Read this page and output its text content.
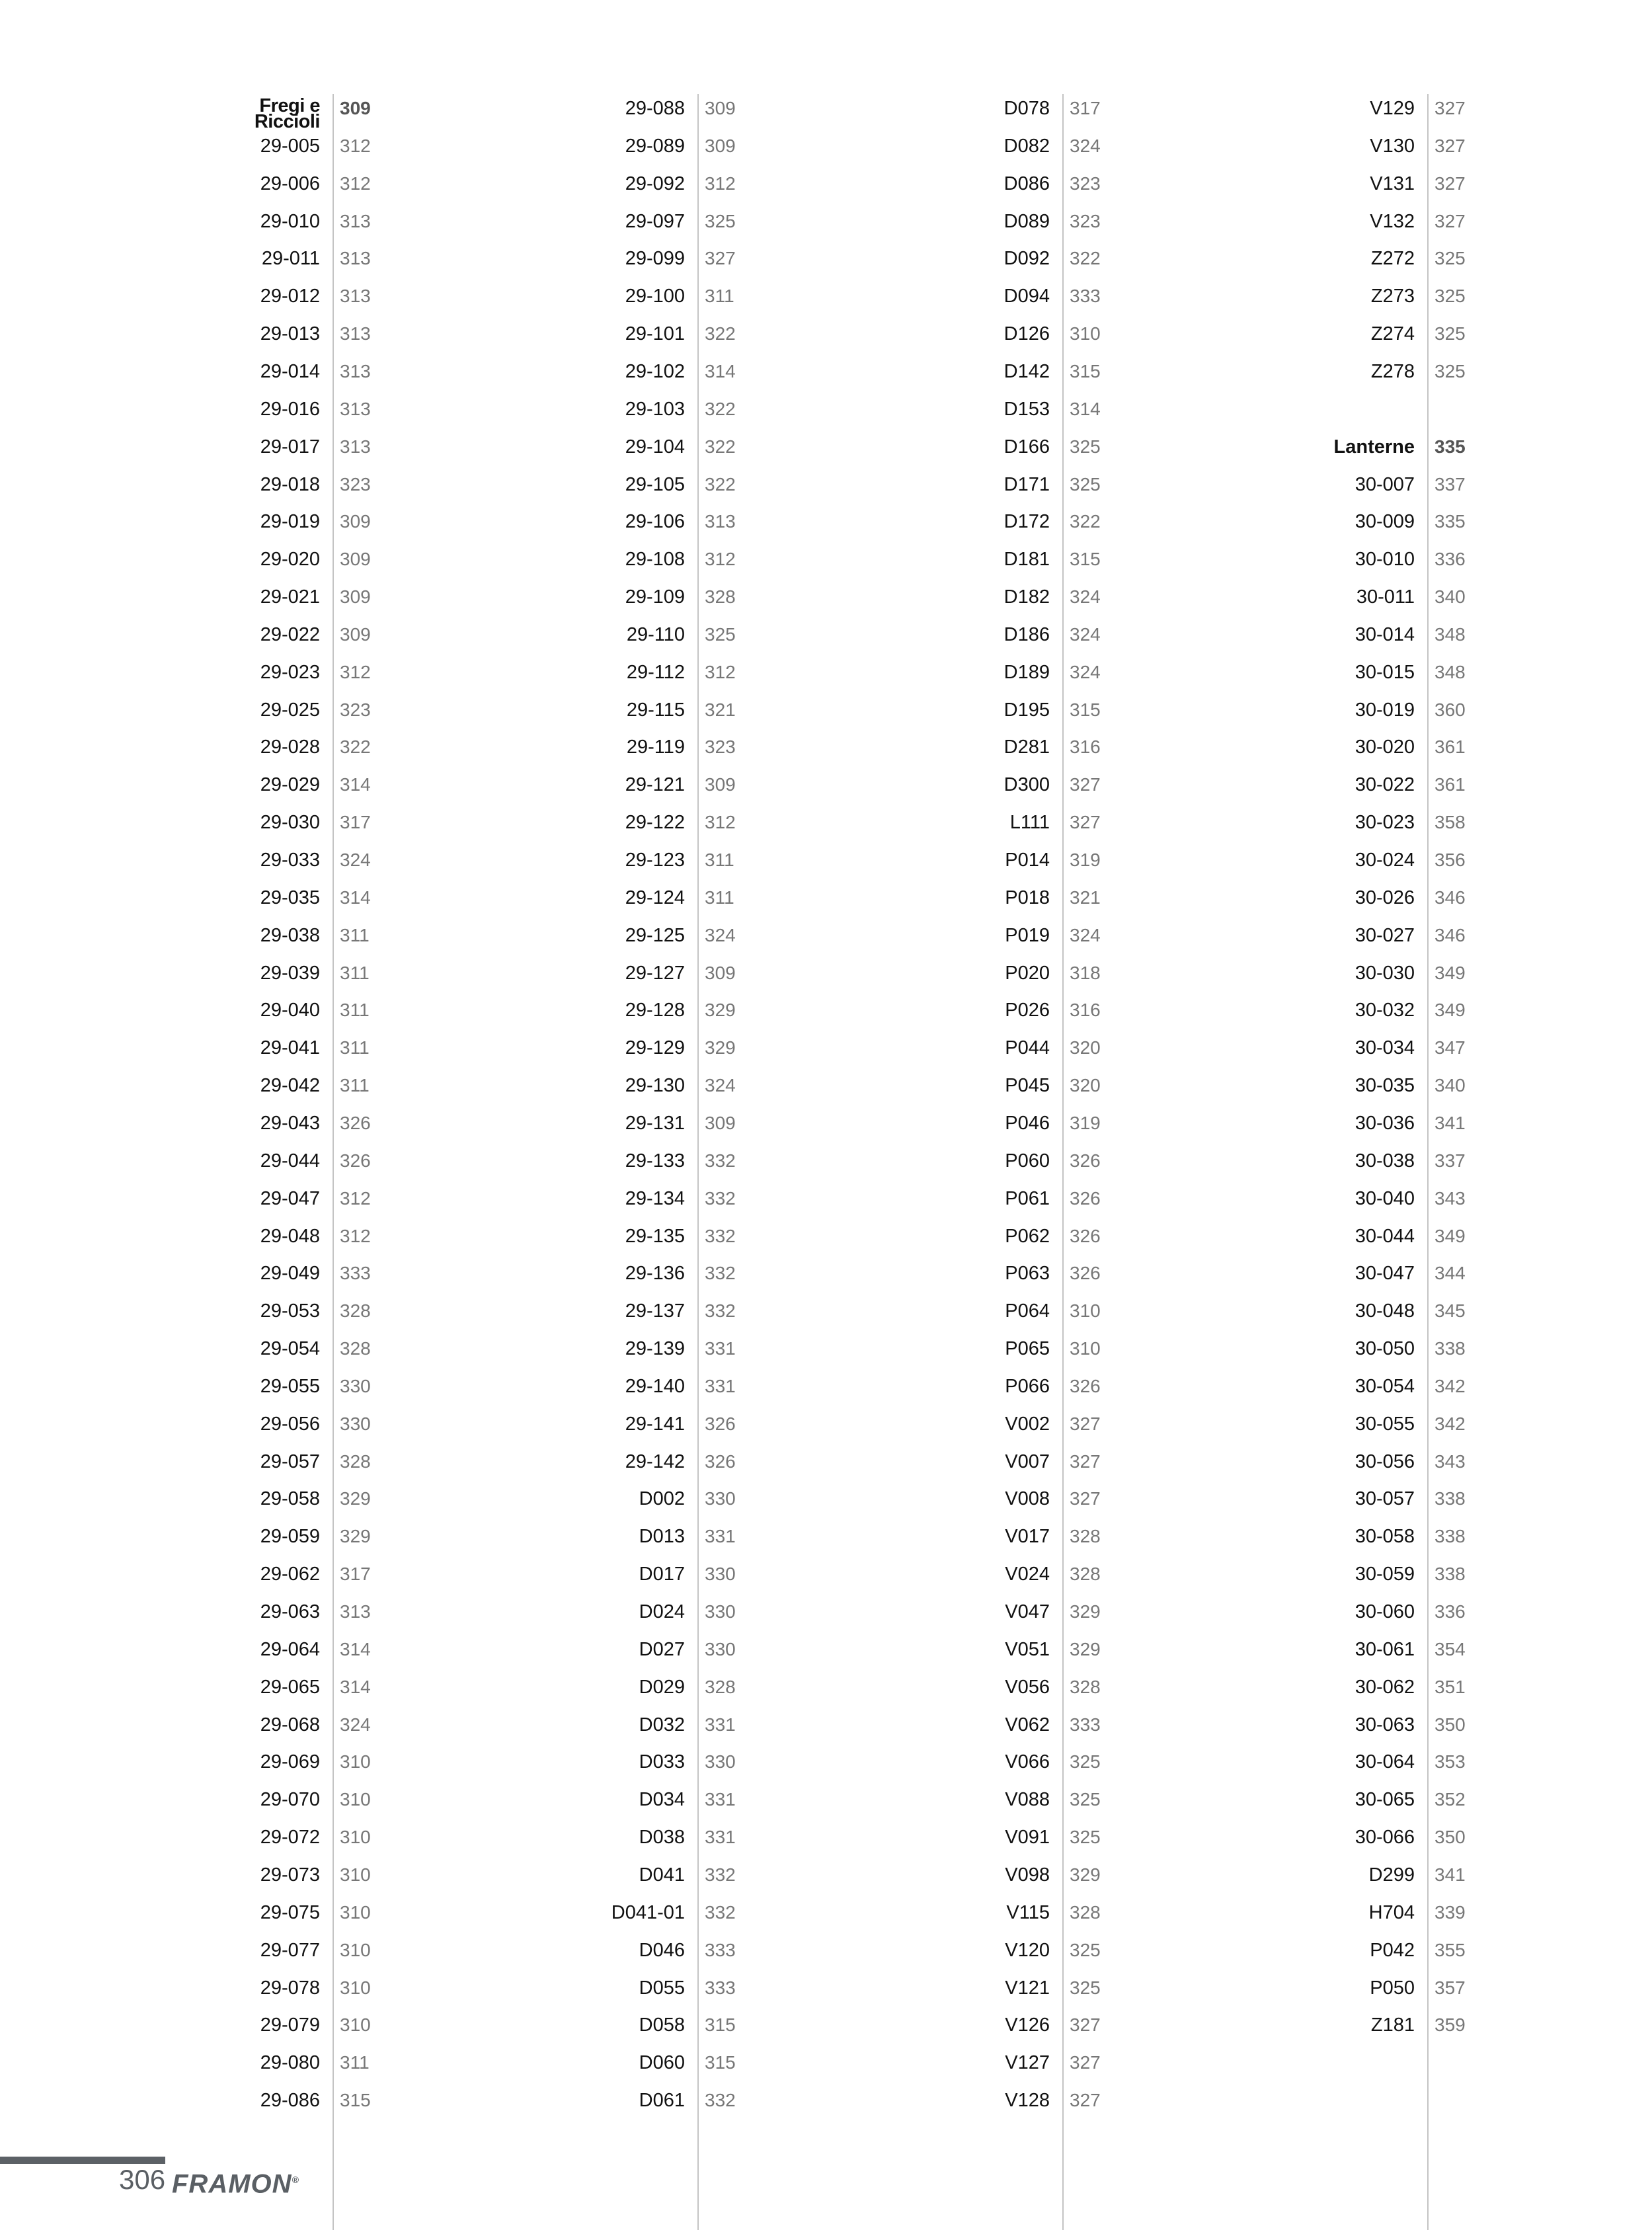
Fregi e
Riccioli
309
29-005 312
29-006 312
29-010 313
29-011 313
29-012 313
29-013 313
29-014 313
29-016 313
29-017 313
29-018 323
29-019 309
29-020 309
29-021 309
29-022 309
29-023 312
29-025 323
29-028 322
29-029 314
29-030 317
29-033 324
29-035 314
29-038 311
29-039 311
29-040 311
29-041 311
29-042 311
29-043 326
29-044 326
29-047 312
29-048 312
29-049 333
29-053 328
29-054 328
29-055 330
29-056 330
29-057 328
29-058 329
29-059 329
29-062 317
29-063 313
29-064 314
29-065 314
29-068 324
29-069 310
29-070 310
29-072 310
29-073 310
29-075 310
29-077 310
29-078 310
29-079 310
29-080 311
29-086 315
29-088 309
29-089 309
29-092 312
29-097 325
29-099 327
29-100 311
29-101 322
29-102 314
29-103 322
29-104 322
29-105 322
29-106 313
29-108 312
29-109 328
29-110 325
29-112 312
29-115 321
29-119 323
29-121 309
29-122 312
29-123 311
29-124 311
29-125 324
29-127 309
29-128 329
29-129 329
29-130 324
29-131 309
29-133 332
29-134 332
29-135 332
29-136 332
29-137 332
29-139 331
29-140 331
29-141 326
29-142 326
D002 330
D013 331
D017 330
D024 330
D027 330
D029 328
D032 331
D033 330
D034 331
D038 331
D041 332
D041-01 332
D046 333
D055 333
D058 315
D060 315
D061 332
D078 317
D082 324
D086 323
D089 323
D092 322
D094 333
D126 310
D142 315
D153 314
D166 325
D171 325
D172 322
D181 315
D182 324
D186 324
D189 324
D195 315
D281 316
D300 327
L111 327
P014 319
P018 321
P019 324
P020 318
P026 316
P044 320
P045 320
P046 319
P060 326
P061 326
P062 326
P063 326
P064 310
P065 310
P066 326
V002 327
V007 327
V008 327
V017 328
V024 328
V047 329
V051 329
V056 328
V062 333
V066 325
V088 325
V091 325
V098 329
V115 328
V120 325
V121 325
V126 327
V127 327
V128 327
V129 327
V130 327
V131 327
V132 327
Z272 325
Z273 325
Z274 325
Z278 325
Lanterne 335
30-007 337
30-009 335
30-010 336
30-011 340
30-014 348
30-015 348
30-019 360
30-020 361
30-022 361
30-023 358
30-024 356
30-026 346
30-027 346
30-030 349
30-032 349
30-034 347
30-035 340
30-036 341
30-038 337
30-040 343
30-044 349
30-047 344
30-048 345
30-050 338
30-054 342
30-055 342
30-056 343
30-057 338
30-058 338
30-059 338
30-060 336
30-061 354
30-062 351
30-063 350
30-064 353
30-065 352
30-066 350
D299 341
H704 339
P042 355
P050 357
Z181 359
306 FRAMON®
